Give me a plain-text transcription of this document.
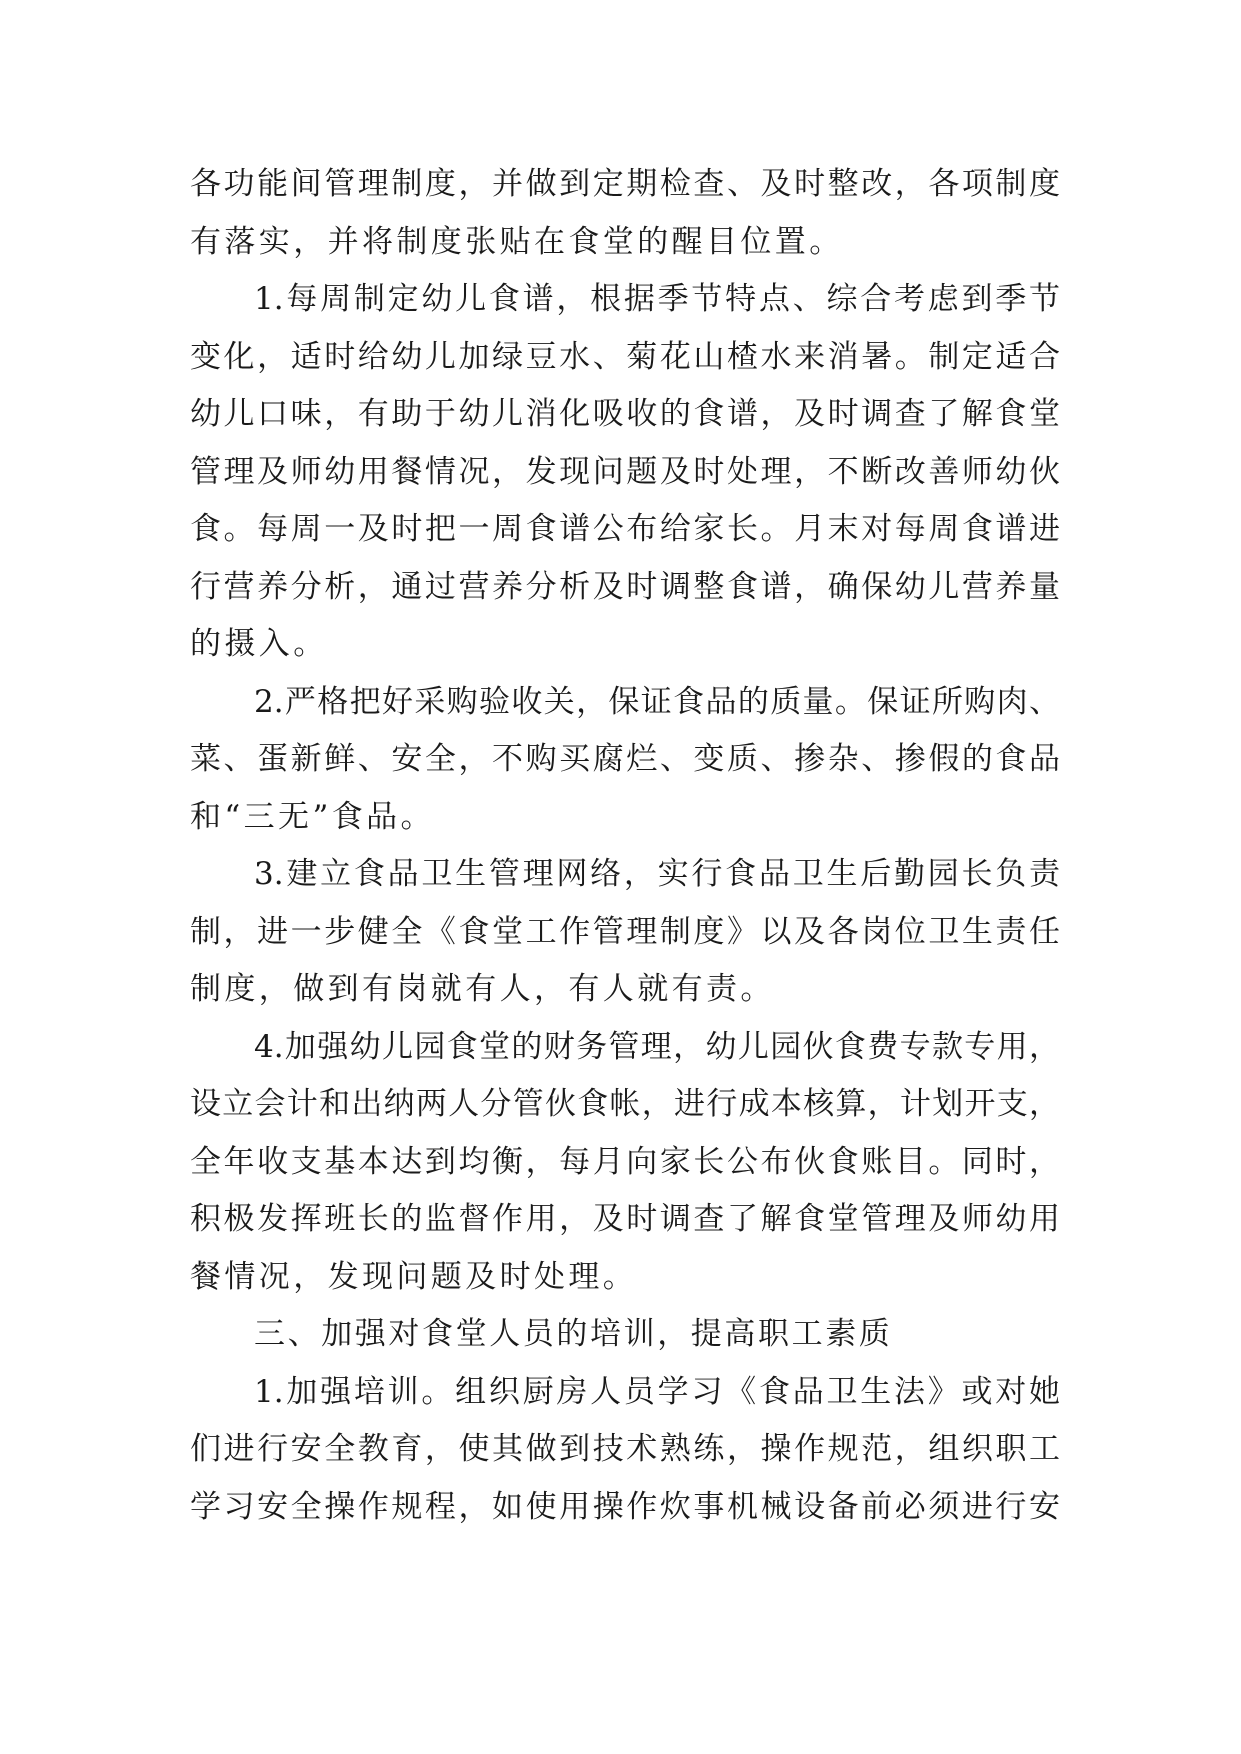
各功能间管理制度，并做到定期检查、及时整改，各项制度
有落实，并将制度张贴在食堂的醒目位置。
1.每周制定幼儿食谱，根据季节特点、综合考虑到季节
变化，适时给幼儿加绿豆水、菊花山楂水来消暑。制定适合
幼儿口味，有助于幼儿消化吸收的食谱，及时调查了解食堂
管理及师幼用餐情况，发现问题及时处理，不断改善师幼伙
食。每周一及时把一周食谱公布给家长。月末对每周食谱进
行营养分析，通过营养分析及时调整食谱，确保幼儿营养量
的摄入。
2.严格把好采购验收关，保证食品的质量。保证所购肉、
菜、蛋新鲜、安全，不购买腐烂、变质、掺杂、掺假的食品
和“三无”食品。
3.建立食品卫生管理网络，实行食品卫生后勤园长负责
制，进一步健全《食堂工作管理制度》以及各岗位卫生责任
制度，做到有岗就有人，有人就有责。
4.加强幼儿园食堂的财务管理，幼儿园伙食费专款专用，
设立会计和出纳两人分管伙食帐，进行成本核算，计划开支，
全年收支基本达到均衡，每月向家长公布伙食账目。同时，
积极发挥班长的监督作用，及时调查了解食堂管理及师幼用
餐情况，发现问题及时处理。
三、加强对食堂人员的培训，提高职工素质
1.加强培训。组织厨房人员学习《食品卫生法》或对她
们进行安全教育，使其做到技术熟练，操作规范，组织职工
学习安全操作规程，如使用操作炊事机械设备前必须进行安
